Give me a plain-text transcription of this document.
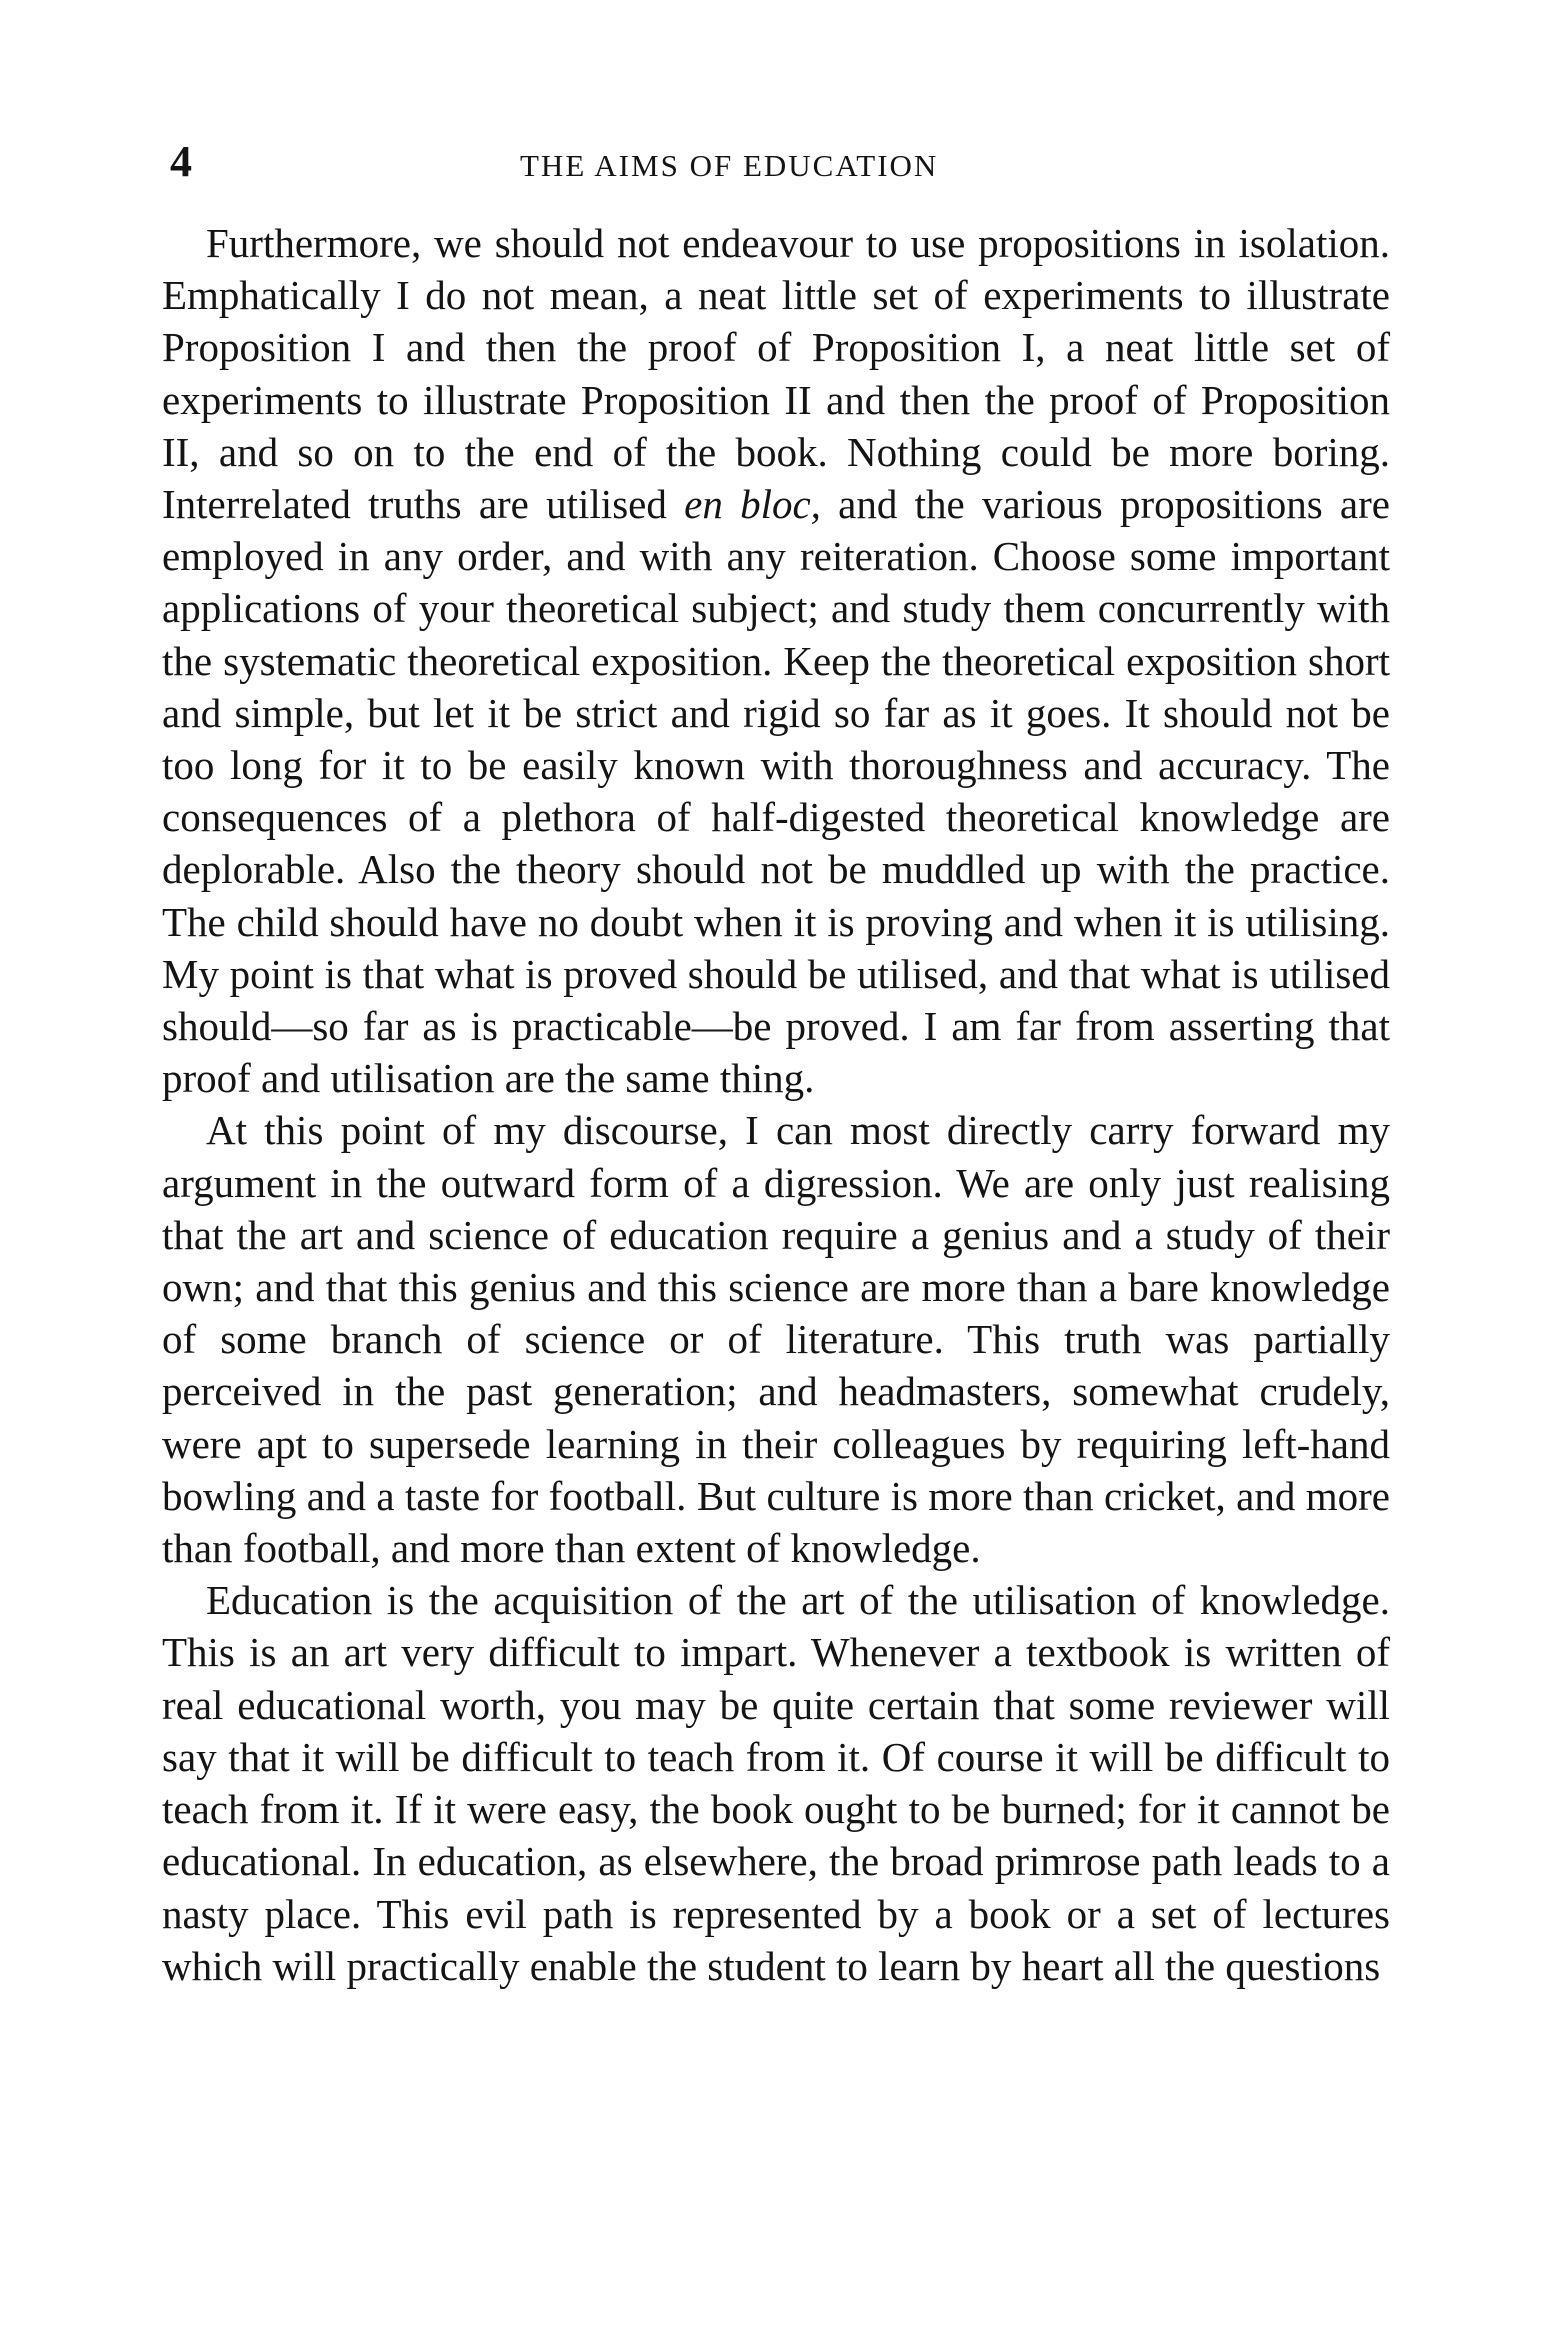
4	THE AIMS OF EDUCATION

Furthermore, we should not endeavour to use propositions in isolation. Emphatically I do not mean, a neat little set of experiments to illustrate Proposition I and then the proof of Proposition I, a neat little set of experiments to illustrate Proposition II and then the proof of Proposition II, and so on to the end of the book. Nothing could be more boring. Interrelated truths are utilised en bloc, and the various propositions are employed in any order, and with any reiteration. Choose some important applications of your theoretical subject; and study them concurrently with the systematic theoretical exposition. Keep the theoretical exposition short and simple, but let it be strict and rigid so far as it goes. It should not be too long for it to be easily known with thoroughness and accuracy. The consequences of a plethora of half-digested theoretical knowledge are deplorable. Also the theory should not be muddled up with the practice. The child should have no doubt when it is proving and when it is utilising. My point is that what is proved should be utilised, and that what is utilised should—so far as is practicable—be proved. I am far from asserting that proof and utilisation are the same thing.

At this point of my discourse, I can most directly carry forward my argument in the outward form of a digression. We are only just realising that the art and science of education require a genius and a study of their own; and that this genius and this science are more than a bare knowledge of some branch of science or of literature. This truth was partially perceived in the past generation; and headmasters, somewhat crudely, were apt to supersede learning in their colleagues by requiring left-hand bowling and a taste for football. But culture is more than cricket, and more than football, and more than extent of knowledge.

Education is the acquisition of the art of the utilisation of knowledge. This is an art very difficult to impart. Whenever a textbook is written of real educational worth, you may be quite certain that some reviewer will say that it will be difficult to teach from it. Of course it will be difficult to teach from it. If it were easy, the book ought to be burned; for it cannot be educational. In education, as elsewhere, the broad primrose path leads to a nasty place. This evil path is represented by a book or a set of lectures which will practically enable the student to learn by heart all the questions
